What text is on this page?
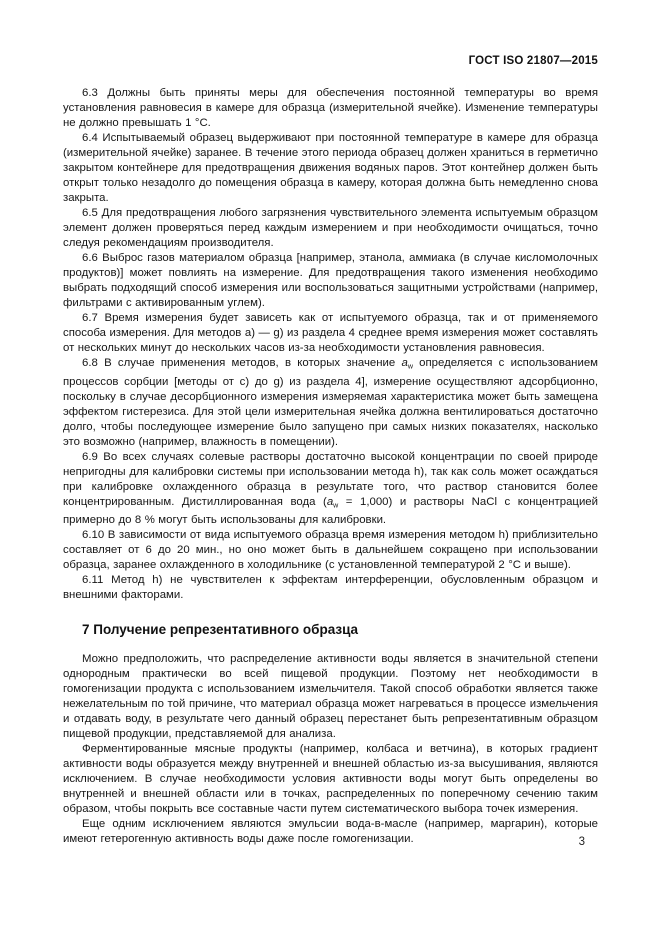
ГОСТ ISO 21807—2015

6.3 Должны быть приняты меры для обеспечения постоянной температуры во время установления равновесия в камере для образца (измерительной ячейке). Изменение температуры не должно превышать 1 °С.

6.4 Испытываемый образец выдерживают при постоянной температуре в камере для образца (измерительной ячейке) заранее. В течение этого периода образец должен храниться в герметично закрытом контейнере для предотвращения движения водяных паров. Этот контейнер должен быть открыт только незадолго до помещения образца в камеру, которая должна быть немедленно снова закрыта.

6.5 Для предотвращения любого загрязнения чувствительного элемента испытуемым образцом элемент должен проверяться перед каждым измерением и при необходимости очищаться, точно следуя рекомендациям производителя.

6.6 Выброс газов материалом образца [например, этанола, аммиака (в случае кисломолочных продуктов)] может повлиять на измерение. Для предотвращения такого изменения необходимо выбрать подходящий способ измерения или воспользоваться защитными устройствами (например, фильтрами с активированным углем).

6.7 Время измерения будет зависеть как от испытуемого образца, так и от применяемого способа измерения. Для методов a) — g) из раздела 4 среднее время измерения может составлять от нескольких минут до нескольких часов из-за необходимости установления равновесия.

6.8 В случае применения методов, в которых значение $a_w$ определяется с использованием процессов сорбции [методы от c) до g) из раздела 4], измерение осуществляют адсорбционно, поскольку в случае десорбционного измерения измеряемая характеристика может быть замещена эффектом гистерезиса. Для этой цели измерительная ячейка должна вентилироваться достаточно долго, чтобы последующее измерение было запущено при самых низких показателях, насколько это возможно (например, влажность в помещении).

6.9 Во всех случаях солевые растворы достаточно высокой концентрации по своей природе непригодны для калибровки системы при использовании метода h), так как соль может осаждаться при калибровке охлажденного образца в результате того, что раствор становится более концентрированным. Дистиллированная вода $(a_w = 1,000)$ и растворы NaCl с концентрацией примерно до 8 % могут быть использованы для калибровки.

6.10 В зависимости от вида испытуемого образца время измерения методом h) приблизительно составляет от 6 до 20 мин., но оно может быть в дальнейшем сокращено при использовании образца, заранее охлажденного в холодильнике (с установленной температурой 2 °С и выше).

6.11 Метод h) не чувствителен к эффектам интерференции, обусловленным образцом и внешними факторами.

7 Получение репрезентативного образца

Можно предположить, что распределение активности воды является в значительной степени однородным практически во всей пищевой продукции. Поэтому нет необходимости в гомогенизации продукта с использованием измельчителя. Такой способ обработки является также нежелательным по той причине, что материал образца может нагреваться в процессе измельчения и отдавать воду, в результате чего данный образец перестанет быть репрезентативным образцом пищевой продукции, представляемой для анализа.

Ферментированные мясные продукты (например, колбаса и ветчина), в которых градиент активности воды образуется между внутренней и внешней областью из-за высушивания, являются исключением. В случае необходимости условия активности воды могут быть определены во внутренней и внешней области или в точках, распределенных по поперечному сечению таким образом, чтобы покрыть все составные части путем систематического выбора точек измерения.

Еще одним исключением являются эмульсии вода-в-масле (например, маргарин), которые имеют гетерогенную активность воды даже после гомогенизации.	3
